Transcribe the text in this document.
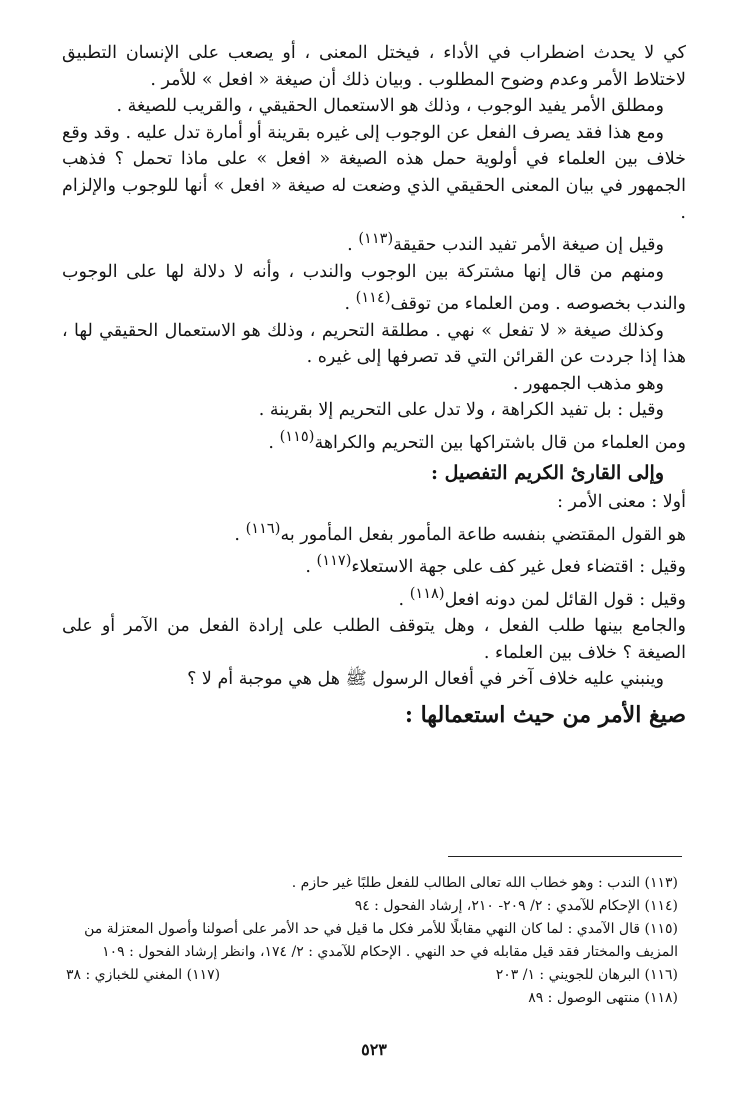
كي لا يحدث اضطراب في الأداء ، فيختل المعنى ، أو يصعب على الإنسان التطبيق لاختلاط الأمر وعدم وضوح المطلوب . وبيان ذلك أن صيغة « افعل » للأمر .

ومطلق الأمر يفيد الوجوب ، وذلك هو الاستعمال الحقيقي ، والقريب للصيغة .

ومع هذا فقد يصرف الفعل عن الوجوب إلى غيره بقرينة أو أمارة تدل عليه . وقد وقع خلاف بين العلماء في أولوية حمل هذه الصيغة « افعل » على ماذا تحمل ؟ فذهب الجمهور في بيان المعنى الحقيقي الذي وضعت له صيغة « افعل » أنها للوجوب والإلزام .

وقيل إن صيغة الأمر تفيد الندب حقيقة$^{(١١٣)}$ .

ومنهم من قال إنها مشتركة بين الوجوب والندب ، وأنه لا دلالة لها على الوجوب والندب بخصوصه . ومن العلماء من توقف$^{(١١٤)}$ .

وكذلك صيغة « لا تفعل » نهي . مطلقة التحريم ، وذلك هو الاستعمال الحقيقي لها ، هذا إذا جردت عن القرائن التي قد تصرفها إلى غيره .

وهو مذهب الجمهور .

وقيل : بل تفيد الكراهة ، ولا تدل على التحريم إلا بقرينة .

ومن العلماء من قال باشتراكها بين التحريم والكراهة$^{(١١٥)}$ .

وإلى القارئ الكريم التفصيل :

أولا : معنى الأمر :

هو القول المقتضي بنفسه طاعة المأمور بفعل المأمور به$^{(١١٦)}$ .

وقيل : اقتضاء فعل غير كف على جهة الاستعلاء$^{(١١٧)}$ .

وقيل : قول القائل لمن دونه افعل$^{(١١٨)}$ .

والجامع بينها طلب الفعل ، وهل يتوقف الطلب على إرادة الفعل من الآمر أو على الصيغة ؟ خلاف بين العلماء .

وينبني عليه خلاف آخر في أفعال الرسول ﷺ هل هي موجبة أم لا ؟

صيغ الأمر من حيث استعمالها :

(١١٣) الندب : وهو خطاب الله تعالى الطالب للفعل طلبًا غير حازم .

(١١٤) الإحكام للآمدي : ٢/ ٢٠٩- ٢١٠، إرشاد الفحول : ٩٤

(١١٥) قال الآمدي : لما كان النهي مقابلًا للأمر فكل ما قيل في حد الأمر على أصولنا وأصول المعتزلة من المزيف والمختار فقد قيل مقابله في حد النهي . الإحكام للآمدي : ٢/ ١٧٤، وانظر إرشاد الفحول : ١٠٩

(١١٦) البرهان للجويني : ١/ ٢٠٣
(١١٧) المغني للخبازي : ٣٨

(١١٨) منتهى الوصول : ٨٩

٥٢٣
